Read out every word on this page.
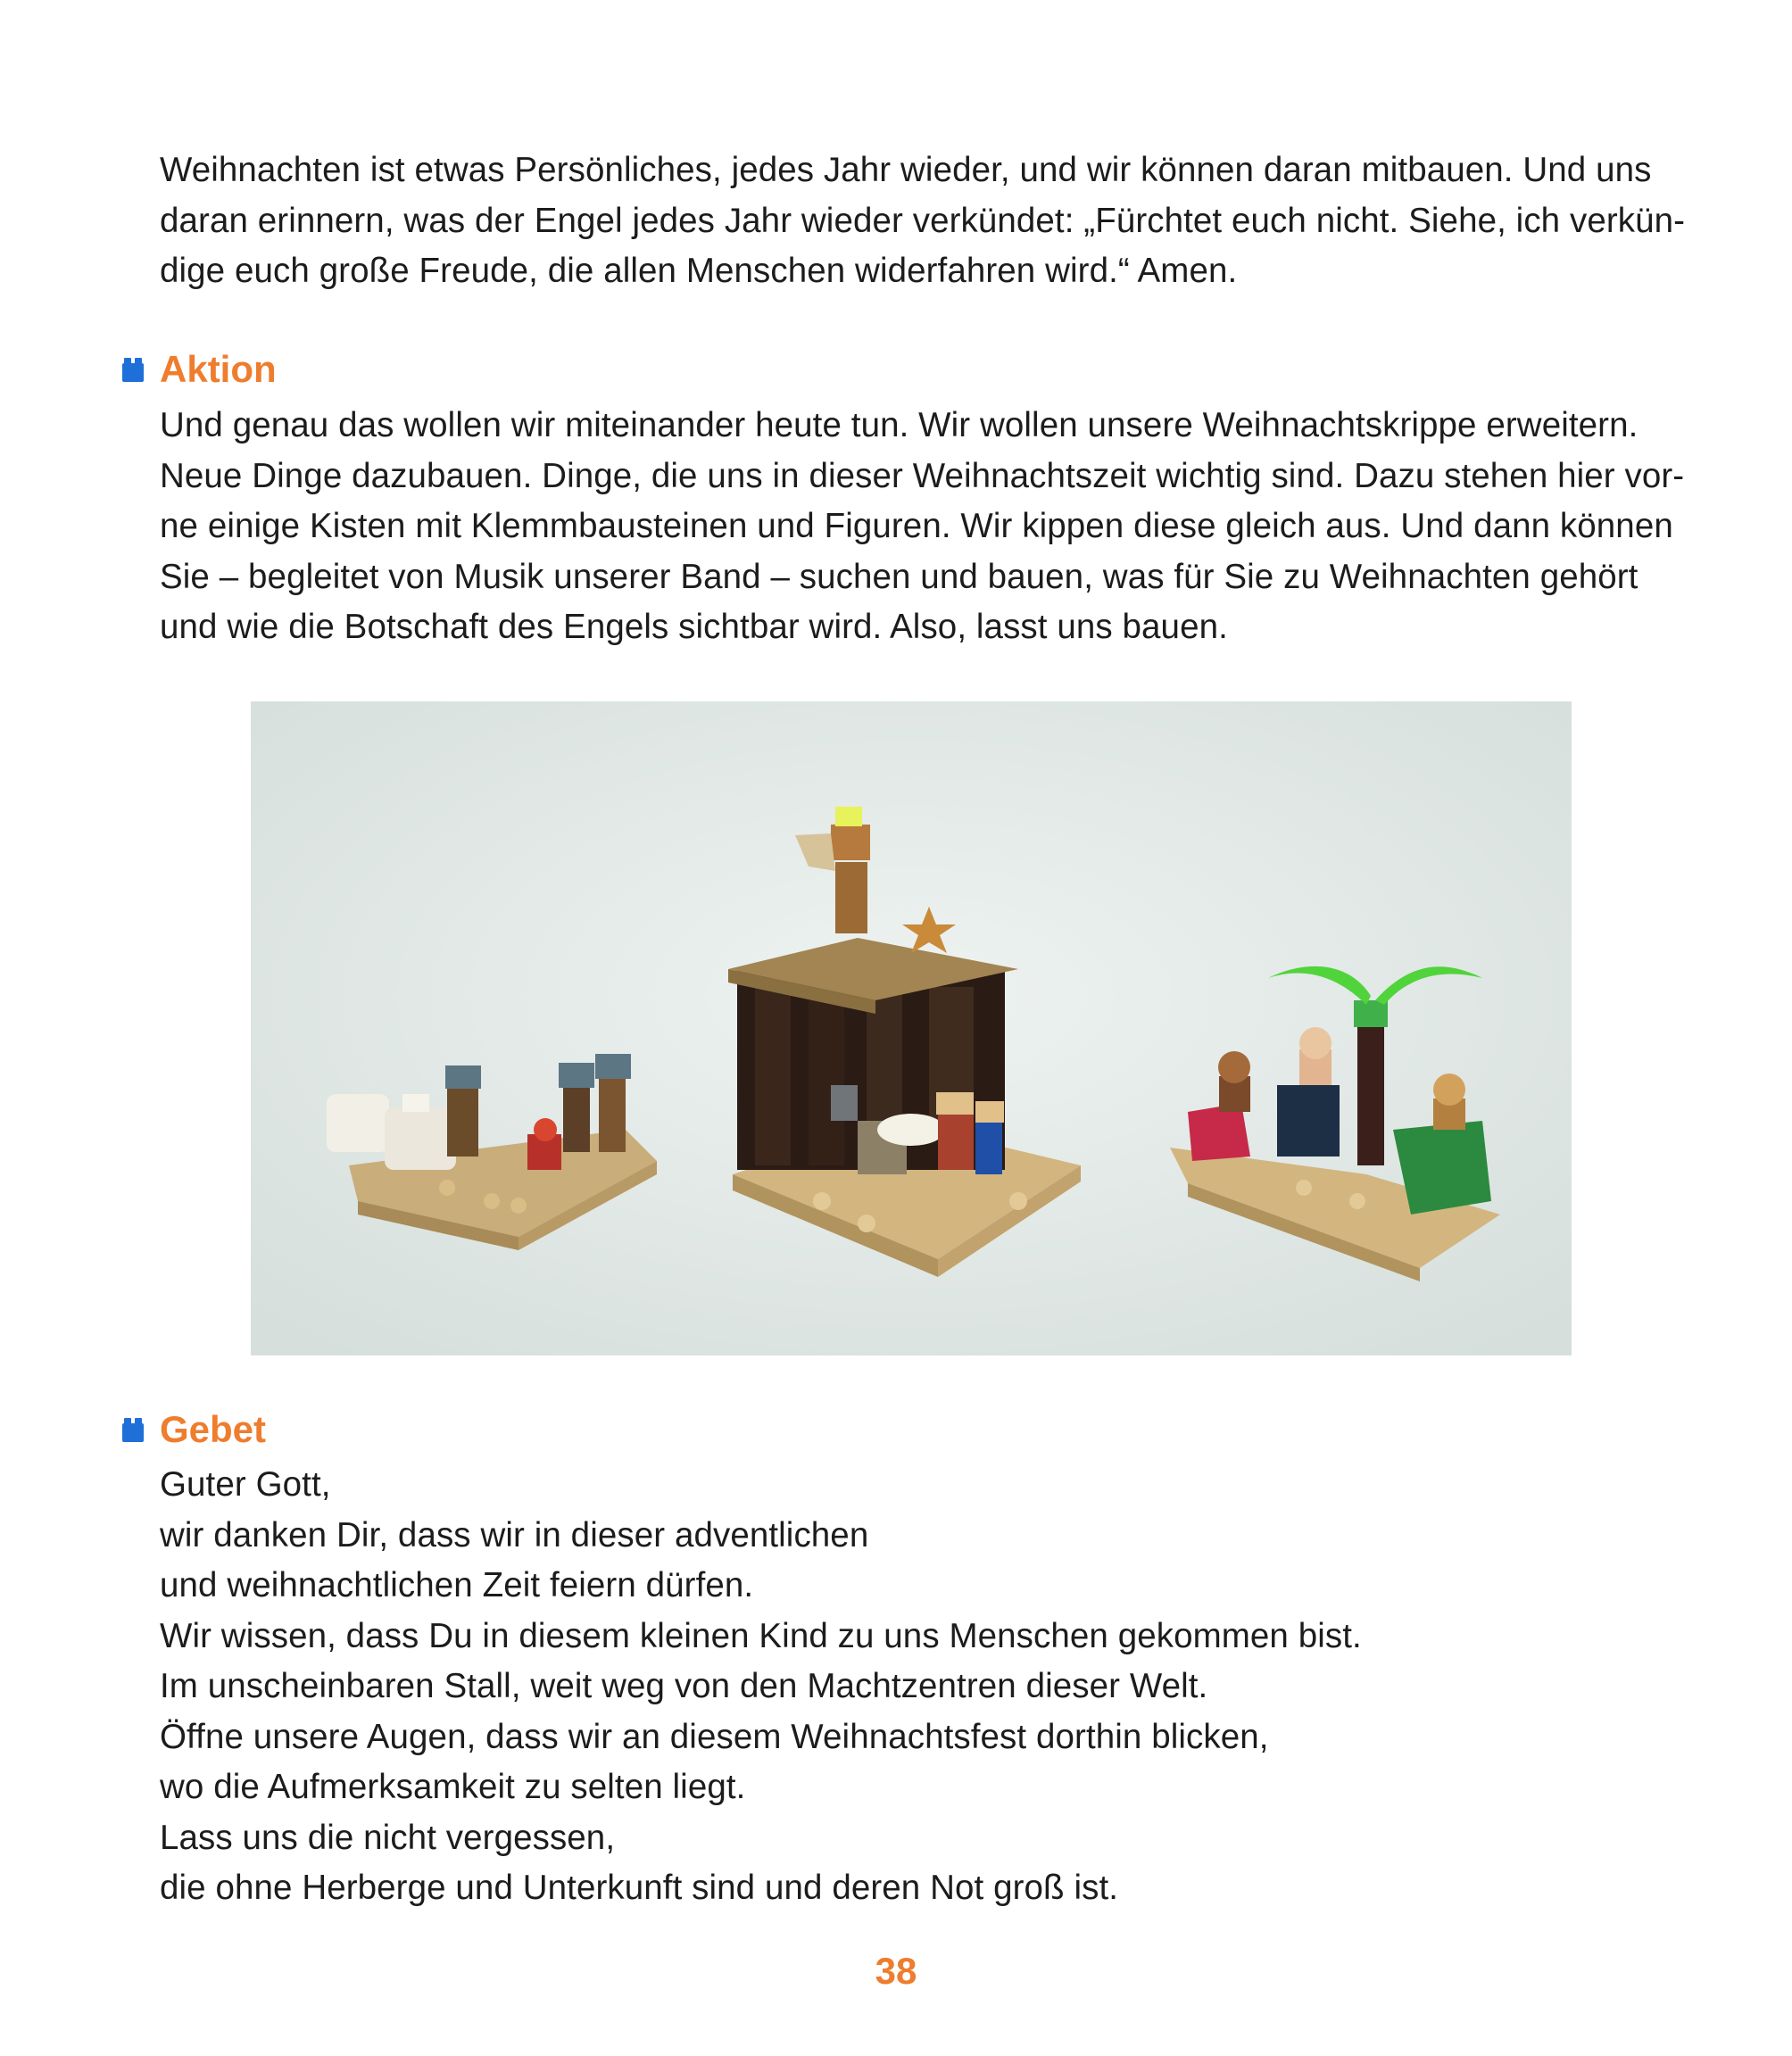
Weihnachten ist etwas Persönliches, jedes Jahr wieder, und wir können daran mitbauen. Und uns
daran erinnern, was der Engel jedes Jahr wieder verkündet: „Fürchtet euch nicht. Siehe, ich verkün-
dige euch große Freude, die allen Menschen widerfahren wird.“ Amen.

Aktion

Und genau das wollen wir miteinander heute tun. Wir wollen unsere Weihnachtskrippe erweitern.
Neue Dinge dazubauen. Dinge, die uns in dieser Weihnachtszeit wichtig sind. Dazu stehen hier vor-
ne einige Kisten mit Klemmbausteinen und Figuren. Wir kippen diese gleich aus. Und dann können
Sie – begleitet von Musik unserer Band – suchen und bauen, was für Sie zu Weihnachten gehört
und wie die Botschaft des Engels sichtbar wird. Also, lasst uns bauen.

Gebet

Guter Gott,
wir danken Dir, dass wir in dieser adventlichen
und weihnachtlichen Zeit feiern dürfen.
Wir wissen, dass Du in diesem kleinen Kind zu uns Menschen gekommen bist.
Im unscheinbaren Stall, weit weg von den Machtzentren dieser Welt.
Öffne unsere Augen, dass wir an diesem Weihnachtsfest dorthin blicken,
wo die Aufmerksamkeit zu selten liegt.
Lass uns die nicht vergessen,
die ohne Herberge und Unterkunft sind und deren Not groß ist.

38
